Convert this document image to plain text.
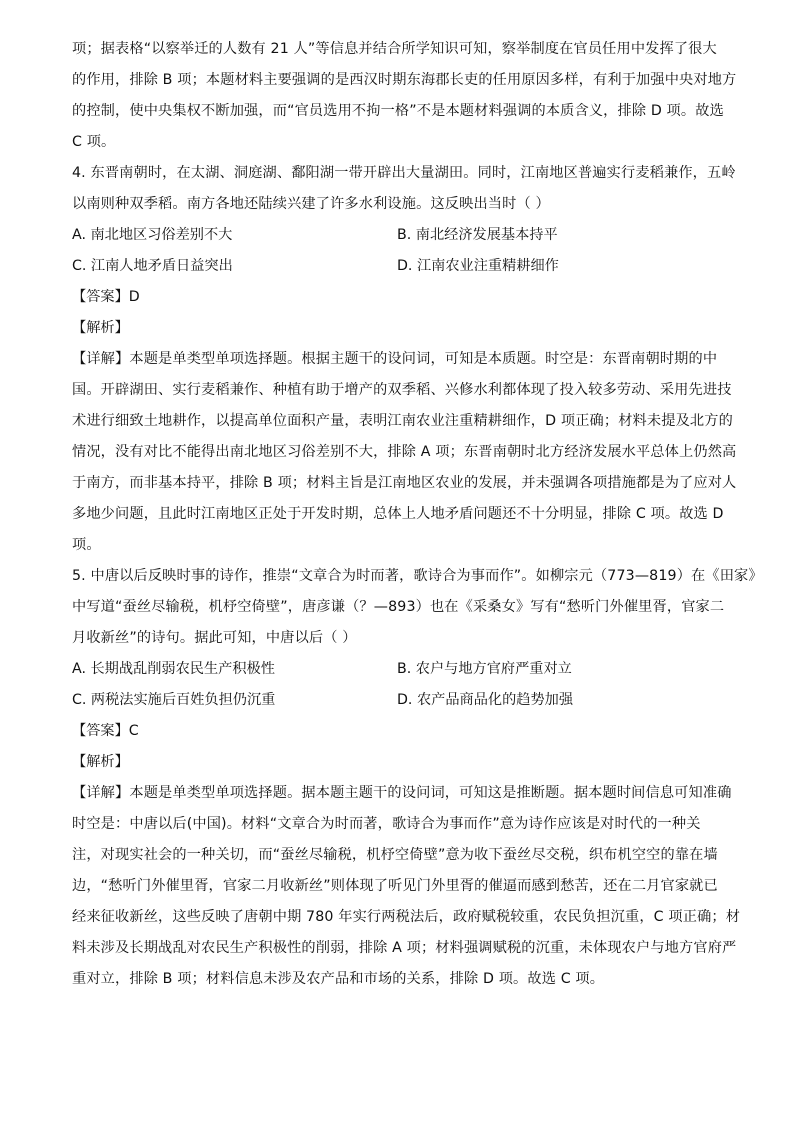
项；据表格“以察举迁的人数有 21 人”等信息并结合所学知识可知，察举制度在官员任用中发挥了很大
的作用，排除 B 项；本题材料主要强调的是西汉时期东海郡长吏的任用原因多样，有利于加强中央对地方
的控制，使中央集权不断加强，而“官员选用不拘一格”不是本题材料强调的本质含义，排除 D 项。故选
C 项。
4. 东晋南朝时，在太湖、洞庭湖、鄱阳湖一带开辟出大量湖田。同时，江南地区普遍实行麦稻兼作，五岭
以南则种双季稻。南方各地还陆续兴建了许多水利设施。这反映出当时（ ）
A. 南北地区习俗差别不大	B. 南北经济发展基本持平
C. 江南人地矛盾日益突出	D. 江南农业注重精耕细作
【答案】D
【解析】
【详解】本题是单类型单项选择题。根据主题干的设问词，可知是本质题。时空是：东晋南朝时期的中
国。开辟湖田、实行麦稻兼作、种植有助于增产的双季稻、兴修水利都体现了投入较多劳动、采用先进技
术进行细致土地耕作，以提高单位面积产量，表明江南农业注重精耕细作，D 项正确；材料未提及北方的
情况，没有对比不能得出南北地区习俗差别不大，排除 A 项；东晋南朝时北方经济发展水平总体上仍然高
于南方，而非基本持平，排除 B 项；材料主旨是江南地区农业的发展，并未强调各项措施都是为了应对人
多地少问题，且此时江南地区正处于开发时期，总体上人地矛盾问题还不十分明显，排除 C 项。故选 D
项。
5. 中唐以后反映时事的诗作，推崇“文章合为时而著，歌诗合为事而作”。如柳宗元（773—819）在《田家》
中写道“蚕丝尽输税，机杼空倚壁”，唐彦谦（？—893）也在《采桑女》写有“愁听门外催里胥，官家二
月收新丝”的诗句。据此可知，中唐以后（ ）
A. 长期战乱削弱农民生产积极性	B. 农户与地方官府严重对立
C. 两税法实施后百姓负担仍沉重	D. 农产品商品化的趋势加强
【答案】C
【解析】
【详解】本题是单类型单项选择题。据本题主题干的设问词，可知这是推断题。据本题时间信息可知准确
时空是：中唐以后(中国)。材料“文章合为时而著，歌诗合为事而作”意为诗作应该是对时代的一种关
注，对现实社会的一种关切，而“蚕丝尽输税，机杼空倚壁”意为收下蚕丝尽交税，织布机空空的靠在墙
边，“愁听门外催里胥，官家二月收新丝”则体现了听见门外里胥的催逼而感到愁苦，还在二月官家就已
经来征收新丝，这些反映了唐朝中期 780 年实行两税法后，政府赋税较重，农民负担沉重，C 项正确；材
料未涉及长期战乱对农民生产积极性的削弱，排除 A 项；材料强调赋税的沉重，未体现农户与地方官府严
重对立，排除 B 项；材料信息未涉及农产品和市场的关系，排除 D 项。故选 C 项。
